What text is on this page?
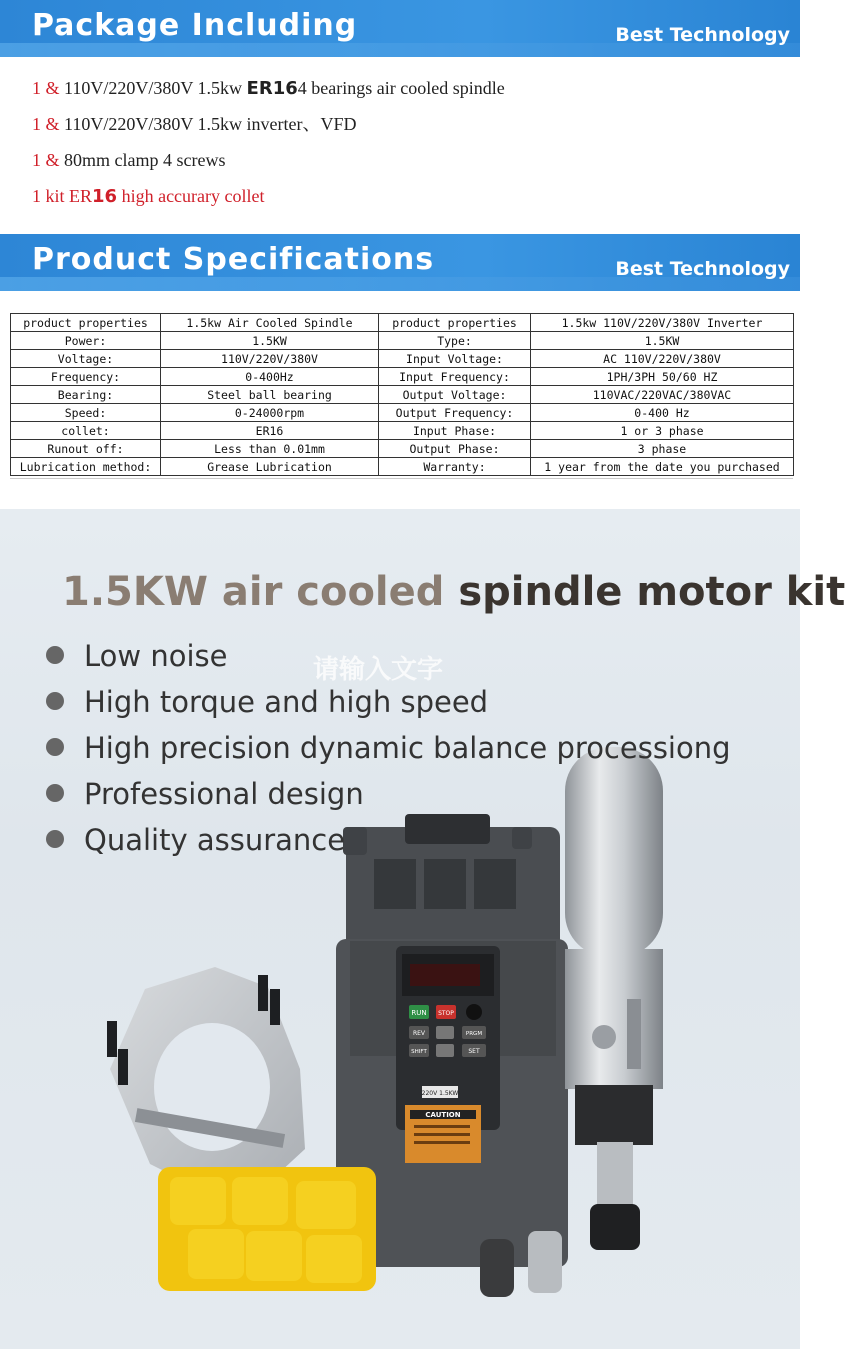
Package Including	Best Technology
1 & 110V/220V/380V 1.5kw ER164 bearings air cooled spindle
1 & 110V/220V/380V 1.5kw inverter、VFD
1 & 80mm clamp 4 screws
1 kit ER16 high accurary collet
Product Specifications	Best Technology
product properties	1.5kw Air Cooled Spindle	product properties	1.5kw 110V/220V/380V Inverter
Power:	1.5KW	Type:	1.5KW
Voltage:	110V/220V/380V	Input Voltage:	AC 110V/220V/380V
Frequency:	0-400Hz	Input Frequency:	1PH/3PH 50/60 HZ
Bearing:	Steel ball bearing	Output Voltage:	110VAC/220VAC/380VAC
Speed:	0-24000rpm	Output Frequency:	0-400 Hz
collet:	ER16	Input Phase:	1 or 3 phase
Runout off:	Less than 0.01mm	Output Phase:	3 phase
Lubrication method:	Grease Lubrication	Warranty:	1 year from the date you purchased
RUN STOP
REV	PRGM
SHIFT	SET
220V 1.5KW
CAUTION
1.5KW air cooled spindle motor kit
请输入文字
Low noise
High torque and high speed
High precision dynamic balance processiong
Professional design
Quality assurance
